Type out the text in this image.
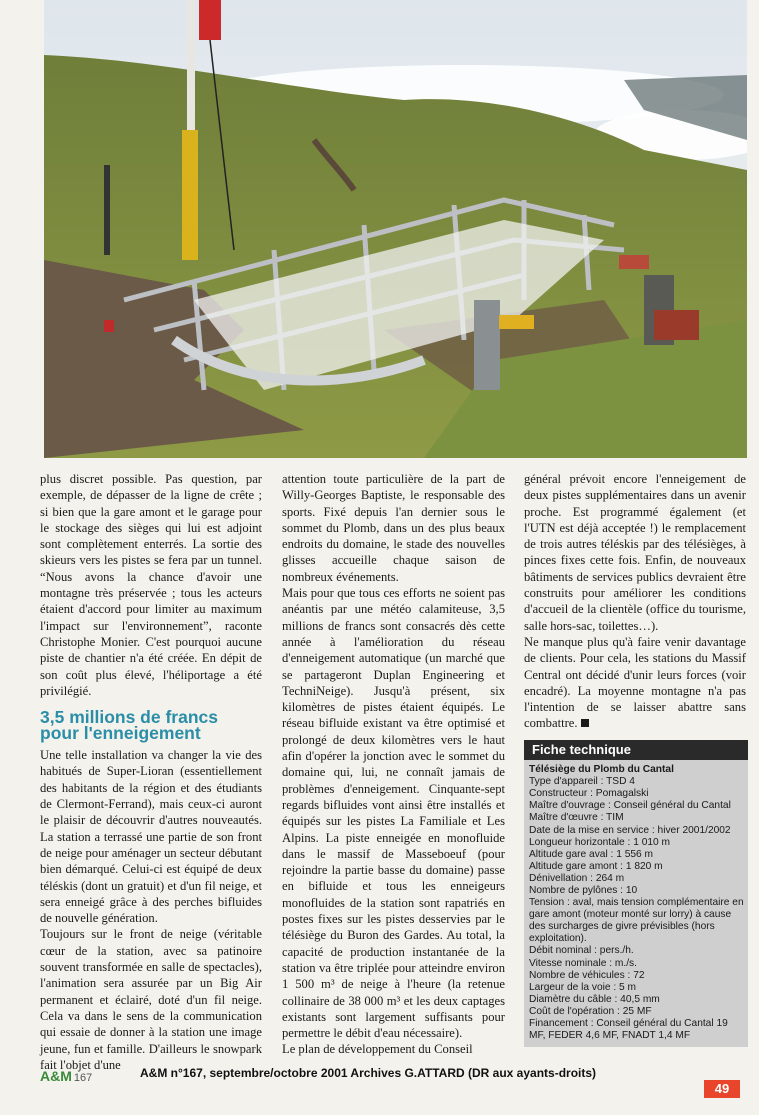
plus discret possible. Pas question, par exemple, de dépasser de la ligne de crête ; si bien que la gare amont et le garage pour le stockage des sièges qui lui est adjoint sont complètement enterrés. La sortie des skieurs vers les pistes se fera par un tunnel. “Nous avons la chance d'avoir une montagne très préservée ; tous les acteurs étaient d'accord pour limiter au maximum l'impact sur l'environnement”, raconte Christophe Monier. C'est pourquoi aucune piste de chantier n'a été créée. En dépit de son coût plus élevé, l'héliportage a été privilégié.

3,5 millions de francs
pour l'enneigement

Une telle installation va changer la vie des habitués de Super-Lioran (essentiellement des habitants de la région et des étudiants de Clermont-Ferrand), mais ceux-ci auront le plaisir de découvrir d'autres nouveautés. La station a terrassé une partie de son front de neige pour aménager un secteur débutant bien démarqué. Celui-ci est équipé de deux téléskis (dont un gratuit) et d'un fil neige, et sera enneigé grâce à des perches bifluides de nouvelle génération.

Toujours sur le front de neige (véritable cœur de la station, avec sa patinoire souvent transformée en salle de spectacles), l'animation sera assurée par un Big Air permanent et éclairé, doté d'un fil neige. Cela va dans le sens de la communication qui essaie de donner à la station une image jeune, fun et famille. D'ailleurs le snowpark fait l'objet d'une

attention toute particulière de la part de Willy-Georges Baptiste, le responsable des sports. Fixé depuis l'an dernier sous le sommet du Plomb, dans un des plus beaux endroits du domaine, le stade des nouvelles glisses accueille chaque saison de nombreux événements.

Mais pour que tous ces efforts ne soient pas anéantis par une météo calamiteuse, 3,5 millions de francs sont consacrés dès cette année à l'amélioration du réseau d'enneigement automatique (un marché que se partageront Duplan Engineering et TechniNeige). Jusqu'à présent, six kilomètres de pistes étaient équipés. Le réseau bifluide existant va être optimisé et prolongé de deux kilomètres vers le haut afin d'opérer la jonction avec le sommet du domaine qui, lui, ne connaît jamais de problèmes d'enneigement. Cinquante-sept regards bifluides vont ainsi être installés et équipés sur les pistes La Familiale et Les Alpins. La piste enneigée en monofluide dans le massif de Masseboeuf (pour rejoindre la partie basse du domaine) passe en bifluide et tous les enneigeurs monofluides de la station sont rapatriés en postes fixes sur les pistes desservies par le télésiège du Buron des Gardes. Au total, la capacité de production instantanée de la station va être triplée pour atteindre environ 1 500 m³ de neige à l'heure (la retenue collinaire de 38 000 m³ et les deux captages existants sont largement suffisants pour permettre le débit d'eau nécessaire).

Le plan de développement du Conseil

général prévoit encore l'enneigement de deux pistes supplémentaires dans un avenir proche. Est programmé également (et l'UTN est déjà acceptée !) le remplacement de trois autres téléskis par des télésièges, à pinces fixes cette fois. Enfin, de nouveaux bâtiments de services publics devraient être construits pour améliorer les conditions d'accueil de la clientèle (office du tourisme, salle hors-sac, toilettes…).

Ne manque plus qu'à faire venir davantage de clients. Pour cela, les stations du Massif Central ont décidé d'unir leurs forces (voir encadré). La moyenne montagne n'a pas l'intention de se laisser abattre sans combattre.

Fiche technique
Télésiège du Plomb du Cantal
Type d'appareil : TSD 4
Constructeur : Pomagalski
Maître d'ouvrage : Conseil général du Cantal
Maître d'œuvre : TIM
Date de la mise en service : hiver 2001/2002
Longueur horizontale : 1 010 m
Altitude gare aval : 1 556 m
Altitude gare amont : 1 820 m
Dénivellation : 264 m
Nombre de pylônes : 10
Tension : aval, mais tension complémentaire en gare amont (moteur monté sur lorry) à cause des surcharges de givre prévisibles (hors exploitation).
Débit nominal : pers./h.
Vitesse nominale : m./s.
Nombre de véhicules : 72
Largeur de la voie : 5 m
Diamètre du câble : 40,5 mm
Coût de l'opération : 25 MF
Financement : Conseil général du Cantal 19 MF, FEDER 4,6 MF, FNADT 1,4 MF
A&M 167	A&M n°167, septembre/octobre 2001 Archives G.ATTARD (DR aux ayants-droits)
49
